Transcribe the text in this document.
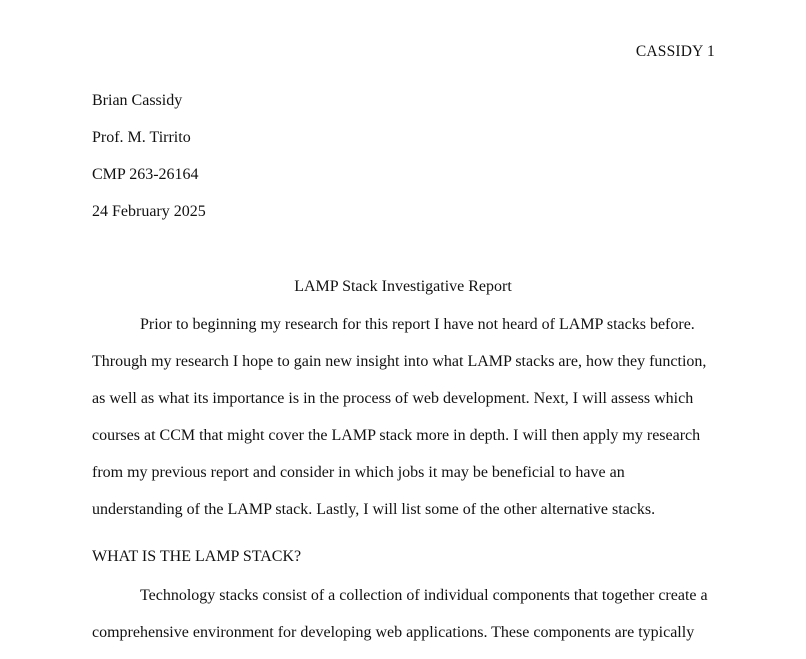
CASSIDY 1
Brian Cassidy
Prof. M. Tirrito
CMP 263-26164
24 February 2025
LAMP Stack Investigative Report
Prior to beginning my research for this report I have not heard of LAMP stacks before.
Through my research I hope to gain new insight into what LAMP stacks are, how they function,
as well as what its importance is in the process of web development. Next, I will assess which
courses at CCM that might cover the LAMP stack more in depth. I will then apply my research
from my previous report and consider in which jobs it may be beneficial to have an
understanding of the LAMP stack. Lastly, I will list some of the other alternative stacks.
WHAT IS THE LAMP STACK?
Technology stacks consist of a collection of individual components that together create a
comprehensive environment for developing web applications. These components are typically
